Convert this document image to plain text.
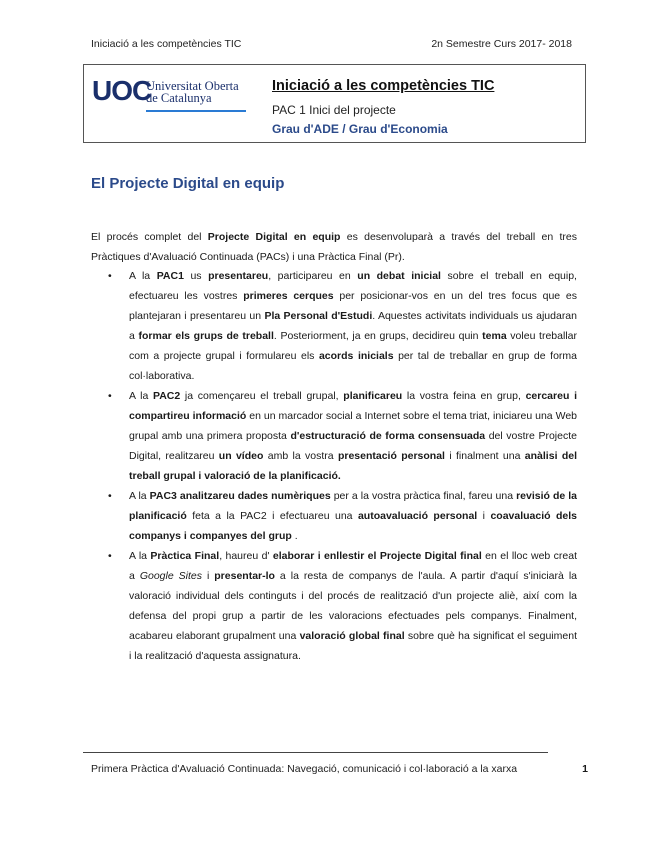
Iniciació a les competències TIC	2n Semestre Curs 2017- 2018
UOC
Universitat Oberta
de Catalunya
Iniciació a les competències TIC
PAC 1 Inici del projecte
Grau d'ADE / Grau d'Economia
El Projecte Digital en equip

El procés complet del Projecte Digital en equip es desenvoluparà a través del treball en tres Pràctiques d'Avaluació Continuada (PACs) i una Pràctica Final (Pr).

• A la PAC1 us presentareu, participareu en un debat inicial sobre el treball en equip, efectuareu les vostres primeres cerques per posicionar-vos en un del tres focus que es plantejaran i presentareu un Pla Personal d'Estudi. Aquestes activitats individuals us ajudaran a formar els grups de treball. Posteriorment, ja en grups, decidireu quin tema voleu treballar com a projecte grupal i formulareu els acords inicials per tal de treballar en grup de forma col·laborativa.
• A la PAC2 ja començareu el treball grupal, planificareu la vostra feina en grup, cercareu i compartireu informació en un marcador social a Internet sobre el tema triat, iniciareu una Web grupal amb una primera proposta d'estructuració de forma consensuada del vostre Projecte Digital, realitzareu un vídeo amb la vostra presentació personal i finalment una anàlisi del treball grupal i valoració de la planificació.
• A la PAC3 analitzareu dades numèriques per a la vostra pràctica final, fareu una revisió de la planificació feta a la PAC2 i efectuareu una autoavaluació personal i coavaluació dels companys i companyes del grup .
• A la Pràctica Final, haureu d' elaborar i enllestir el Projecte Digital final en el lloc web creat a Google Sites i presentar-lo a la resta de companys de l'aula. A partir d'aquí s'iniciarà la valoració individual dels continguts i del procés de realització d'un projecte aliè, així com la defensa del propi grup a partir de les valoracions efectuades pels companys. Finalment, acabareu elaborant grupalment una valoració global final sobre què ha significat el seguiment i la realització d'aquesta assignatura.
Primera Pràctica d'Avaluació Continuada: Navegació, comunicació i col·laboració a la xarxa	1
